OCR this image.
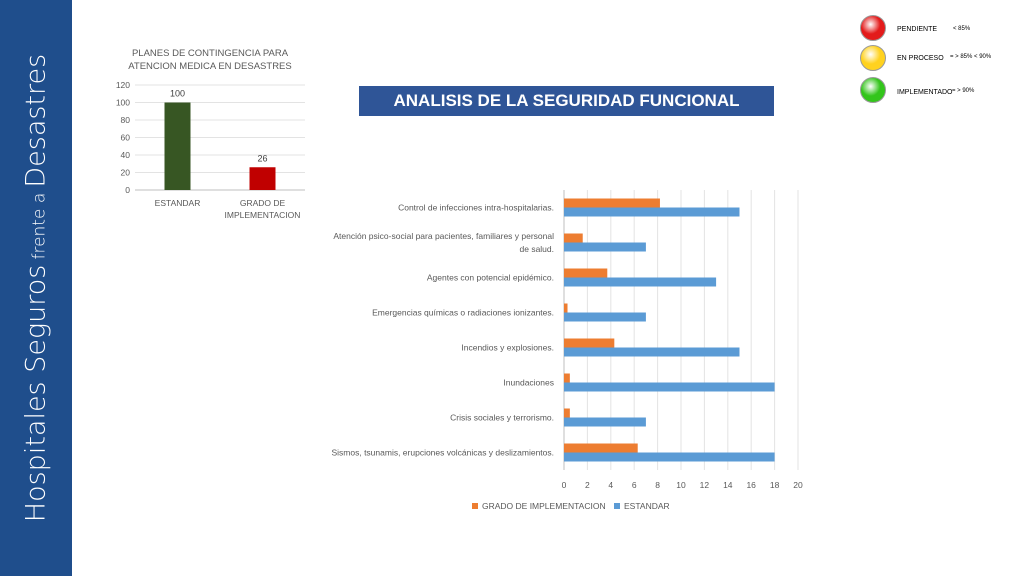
Hospitales Seguros frente a Desastres	ANALISIS DE LA SEGURIDAD FUNCIONAL
PENDIENTE	< 85%
EN PROCESO = > 85% < 90%
IMPLEMENTADO = > 90%
PLANES DE CONTINGENCIA PARA
ATENCION MEDICA EN DESASTRES
0
20
40
60
80
100
120
100
ESTANDAR
26
GRADO DE
IMPLEMENTACION
0 2 4 6 8 10 12 14 16 18 20
Control de infecciones intra-hospitalarias.
Atención psico-social para pacientes, familiares y personal
de salud.
Agentes con potencial epidémico.
Emergencias químicas o radiaciones ionizantes.
Incendios y explosiones.
Inundaciones
Crisis sociales y terrorismo.
Sismos, tsunamis, erupciones volcánicas y deslizamientos.
GRADO DE IMPLEMENTACION ESTANDAR
